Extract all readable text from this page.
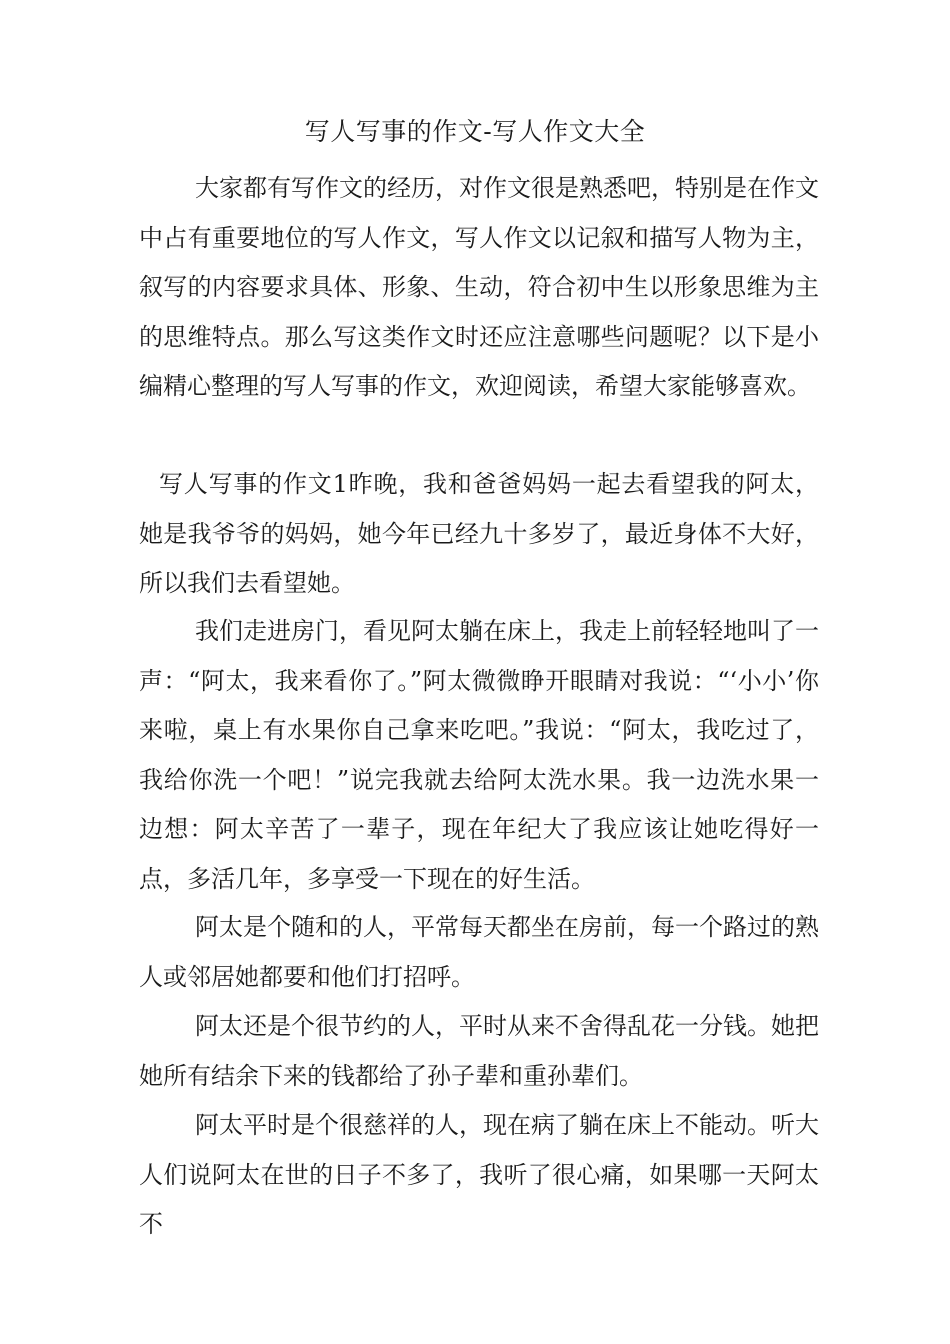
写人写事的作文-写人作文大全

大家都有写作文的经历，对作文很是熟悉吧，特别是在作文中占有重要地位的写人作文，写人作文以记叙和描写人物为主，叙写的内容要求具体、形象、生动，符合初中生以形象思维为主的思维特点。那么写这类作文时还应注意哪些问题呢？以下是小编精心整理的写人写事的作文，欢迎阅读，希望大家能够喜欢。

写人写事的作文1昨晚，我和爸爸妈妈一起去看望我的阿太，她是我爷爷的妈妈，她今年已经九十多岁了，最近身体不大好，所以我们去看望她。

我们走进房门，看见阿太躺在床上，我走上前轻轻地叫了一声：“阿太，我来看你了。”阿太微微睁开眼睛对我说：“‘小小’你来啦，桌上有水果你自己拿来吃吧。”我说：“阿太，我吃过了，我给你洗一个吧！”说完我就去给阿太洗水果。我一边洗水果一边想：阿太辛苦了一辈子，现在年纪大了我应该让她吃得好一点，多活几年，多享受一下现在的好生活。

阿太是个随和的人，平常每天都坐在房前，每一个路过的熟人或邻居她都要和他们打招呼。

阿太还是个很节约的人，平时从来不舍得乱花一分钱。她把她所有结余下来的钱都给了孙子辈和重孙辈们。

阿太平时是个很慈祥的人，现在病了躺在床上不能动。听大人们说阿太在世的日子不多了，我听了很心痛，如果哪一天阿太不
